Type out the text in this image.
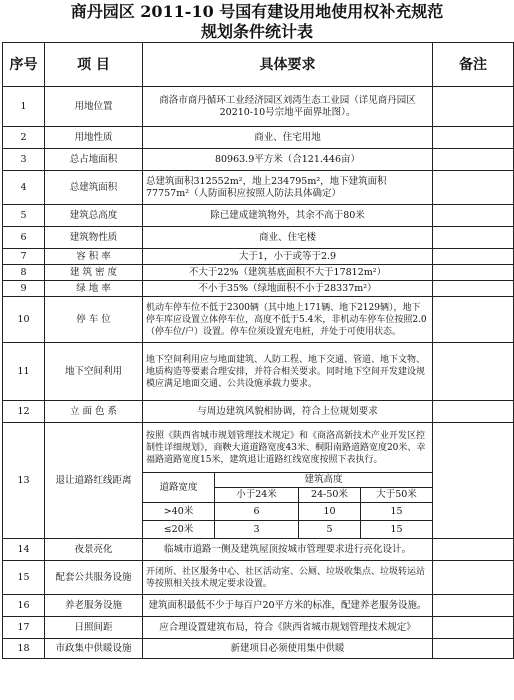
商丹园区 2011-10 号国有建设用地使用权补充规范
规划条件统计表
序号	项 目	具体要求				备注
1	用地位置	商洛市商丹循环工业经济园区刘湾生态工业园（详见商丹园区20210-10号宗地平面界址图）。				
2	用地性质	商业、住宅用地				
3	总占地面积	80963.9平方米（合121.446亩）				
4	总建筑面积	总建筑面积312552m²，地上234795m²，地下建筑面积77757m²（人防面积应按照人防法具体确定）				
5	建筑总高度	除已建成建筑物外，其余不高于80米				
6	建筑物性质	商业、住宅楼				
7	容 积 率	大于1，小于或等于2.9				
8	建 筑 密 度	不大于22%（建筑基底面积不大于17812m²）				
9	绿 地 率	不小于35%（绿地面积不小于28337m²）				
10	停 车 位	机动车停车位不低于2300辆（其中地上171辆、地下2129辆），地下停车库应设置立体停车位，高度不低于5.4米，非机动车停车位按照2.0（停车位/户）设置。停车位须设置充电桩，并处于可使用状态。				
11	地下空间利用	地下空间利用应与地面建筑、人防工程、地下交通、管道、地下文物、地质构造等要素合理安排，并符合相关要求。同时地下空间开发建设规模应满足地面交通、公共设施承载力要求。				
12	立 面 色 系	与周边建筑风貌相协调，符合上位规划要求				
13	退让道路红线距离	按照《陕西省城市规划管理技术规定》和《商洛高新技术产业开发区控制性详细规划》，商鞅大道道路宽度43米、桐阳南路道路宽度20米、幸福路道路宽度15米，建筑退让道路红线宽度按照下表执行。				
		道路宽度	建筑高度			
			小于24米	24-50米	大于50米	
		>40米	6	10	15	
		≤20米	3	5	15	
14	夜景亮化	临城市道路一侧及建筑屋顶按城市管理要求进行亮化设计。				
15	配套公共服务设施	开闭所、社区服务中心、社区活动室、公厕、垃圾收集点、垃圾转运站等按照相关技术规定要求设置。				
16	养老服务设施	建筑面积最低不少于每百户20平方米的标准，配建养老服务设施。				
17	日照间距	应合理设置建筑布局，符合《陕西省城市规划管理技术规定》				
18	市政集中供暖设施	新建项目必须使用集中供暖				
